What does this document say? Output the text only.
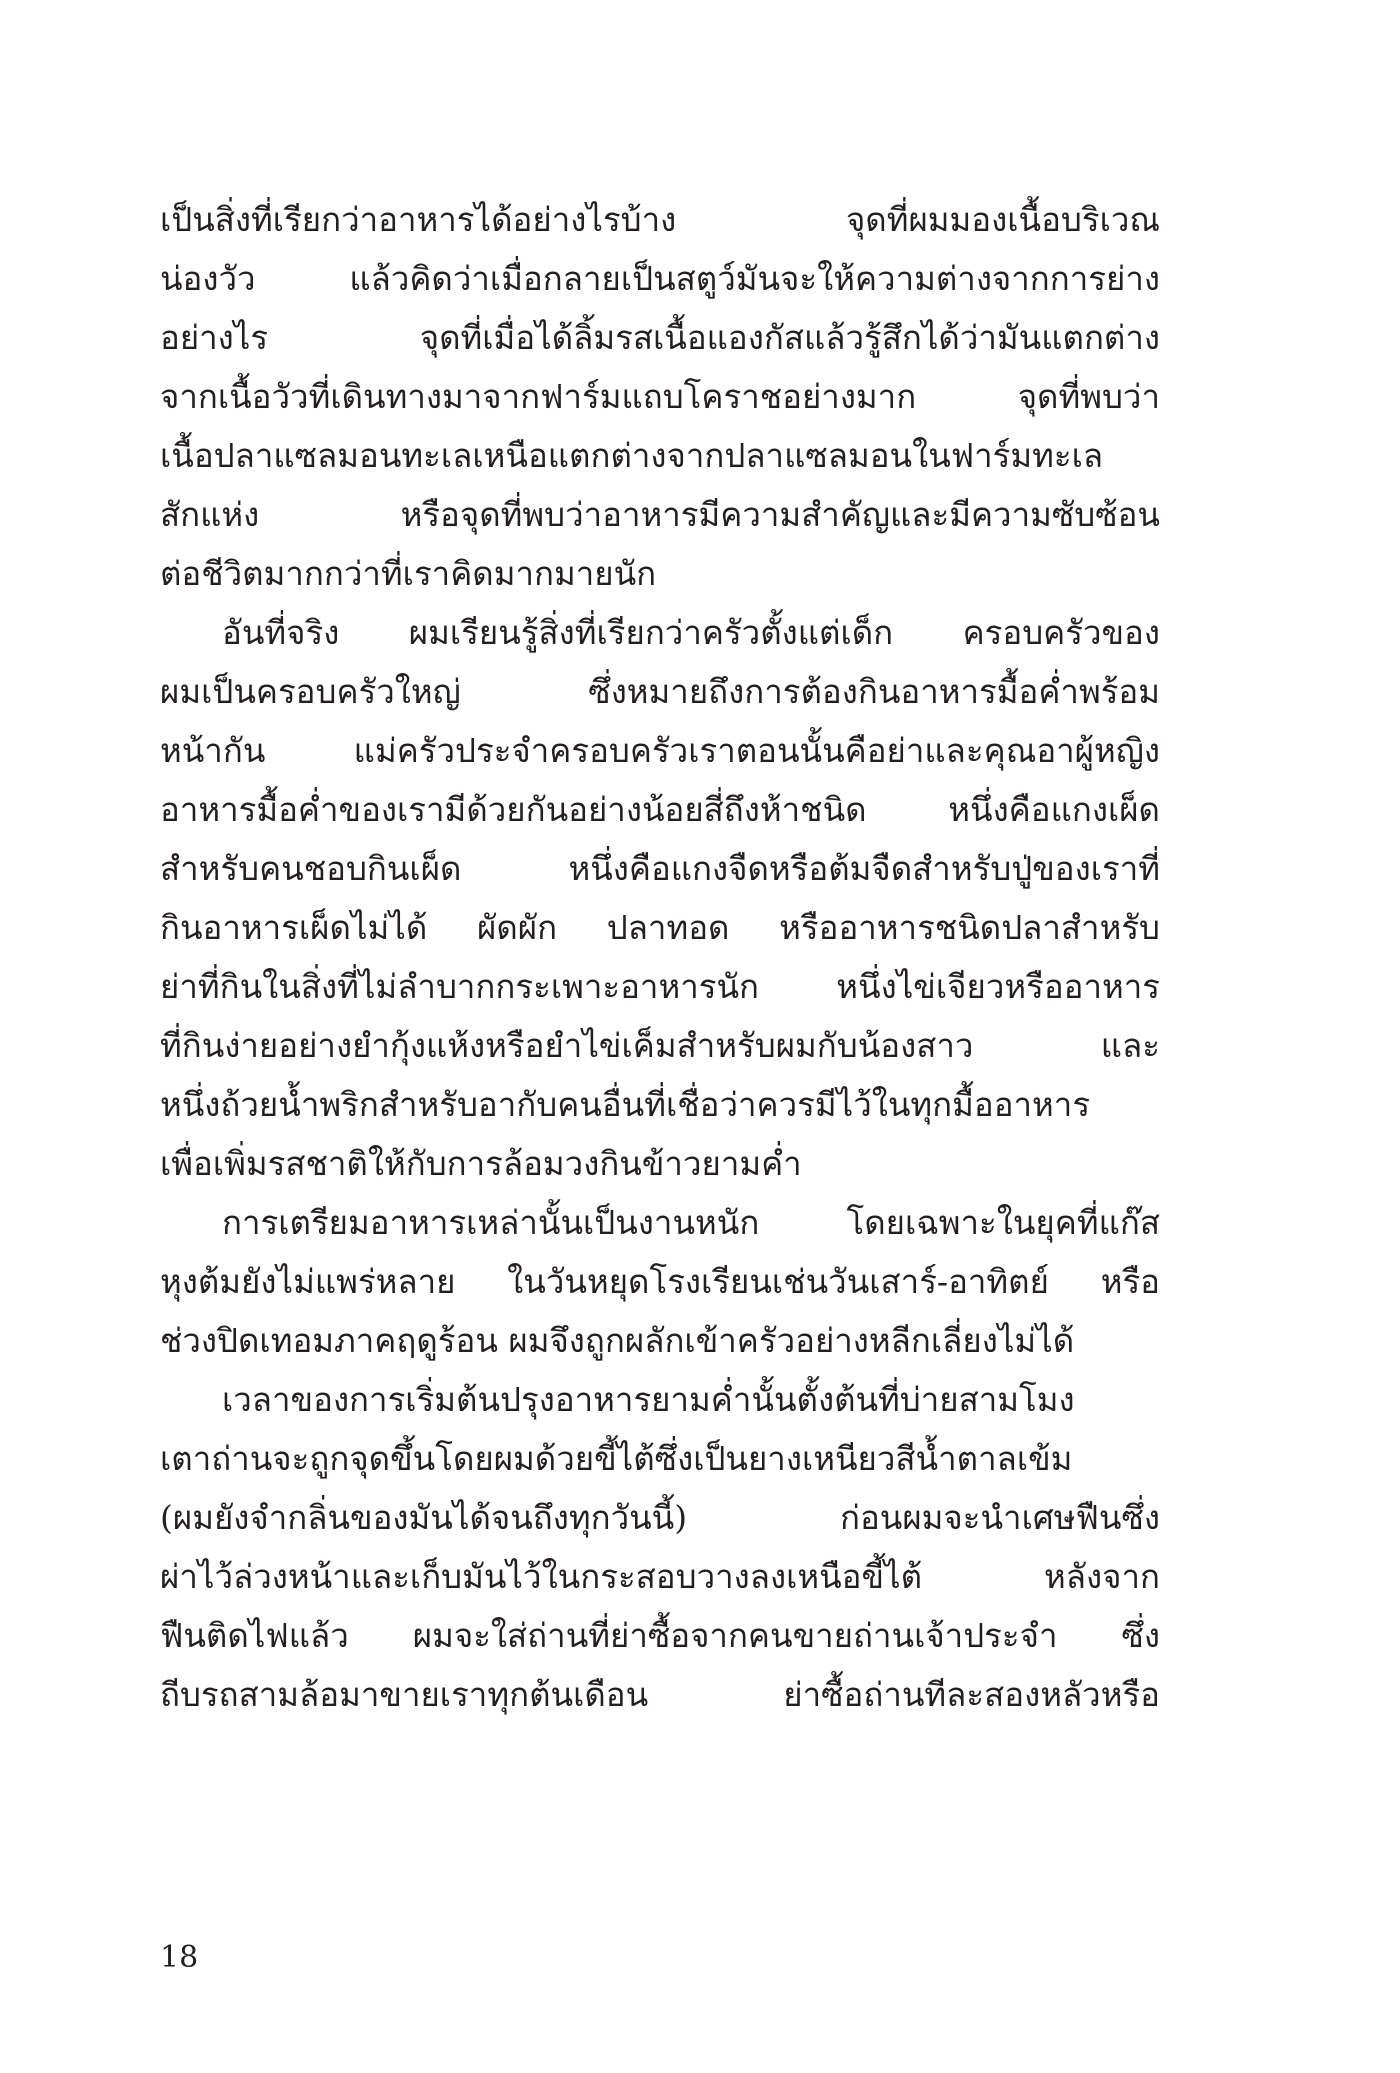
เป็นสิ่งที่เรียกว่าอาหารได้อย่างไรบ้าง จุดที่ผมมองเนื้อบริเวณ
น่องวัว แล้วคิดว่าเมื่อกลายเป็นสตูว์มันจะให้ความต่างจากการย่าง
อย่างไร จุดที่เมื่อได้ลิ้มรสเนื้อแองกัสแล้วรู้สึกได้ว่ามันแตกต่าง
จากเนื้อวัวที่เดินทางมาจากฟาร์มแถบโคราชอย่างมาก จุดที่พบว่า
เนื้อปลาแซลมอนทะเลเหนือแตกต่างจากปลาแซลมอนในฟาร์มทะเล
สักแห่ง หรือจุดที่พบว่าอาหารมีความสำคัญและมีความซับซ้อน
ต่อชีวิตมากกว่าที่เราคิดมากมายนัก
อันที่จริง ผมเรียนรู้สิ่งที่เรียกว่าครัวตั้งแต่เด็ก ครอบครัวของ
ผมเป็นครอบครัวใหญ่ ซึ่งหมายถึงการต้องกินอาหารมื้อค่ำพร้อม
หน้ากัน แม่ครัวประจำครอบครัวเราตอนนั้นคือย่าและคุณอาผู้หญิง
อาหารมื้อค่ำของเรามีด้วยกันอย่างน้อยสี่ถึงห้าชนิด หนึ่งคือแกงเผ็ด
สำหรับคนชอบกินเผ็ด หนึ่งคือแกงจืดหรือต้มจืดสำหรับปู่ของเราที่
กินอาหารเผ็ดไม่ได้ ผัดผัก ปลาทอด หรืออาหารชนิดปลาสำหรับ
ย่าที่กินในสิ่งที่ไม่ลำบากกระเพาะอาหารนัก หนึ่งไข่เจียวหรืออาหาร
ที่กินง่ายอย่างยำกุ้งแห้งหรือยำไข่เค็มสำหรับผมกับน้องสาว และ
หนึ่งถ้วยน้ำพริกสำหรับอากับคนอื่นที่เชื่อว่าควรมีไว้ในทุกมื้ออาหาร
เพื่อเพิ่มรสชาติให้กับการล้อมวงกินข้าวยามค่ำ
การเตรียมอาหารเหล่านั้นเป็นงานหนัก โดยเฉพาะในยุคที่แก๊ส
หุงต้มยังไม่แพร่หลาย ในวันหยุดโรงเรียนเช่นวันเสาร์-อาทิตย์ หรือ
ช่วงปิดเทอมภาคฤดูร้อน ผมจึงถูกผลักเข้าครัวอย่างหลีกเลี่ยงไม่ได้
เวลาของการเริ่มต้นปรุงอาหารยามค่ำนั้นตั้งต้นที่บ่ายสามโมง
เตาถ่านจะถูกจุดขึ้นโดยผมด้วยขี้ไต้ซึ่งเป็นยางเหนียวสีน้ำตาลเข้ม
(ผมยังจำกลิ่นของมันได้จนถึงทุกวันนี้) ก่อนผมจะนำเศษฟืนซึ่ง
ผ่าไว้ล่วงหน้าและเก็บมันไว้ในกระสอบวางลงเหนือขี้ไต้ หลังจาก
ฟืนติดไฟแล้ว ผมจะใส่ถ่านที่ย่าซื้อจากคนขายถ่านเจ้าประจำ ซึ่ง
ถีบรถสามล้อมาขายเราทุกต้นเดือน ย่าซื้อถ่านทีละสองหลัวหรือ
18
